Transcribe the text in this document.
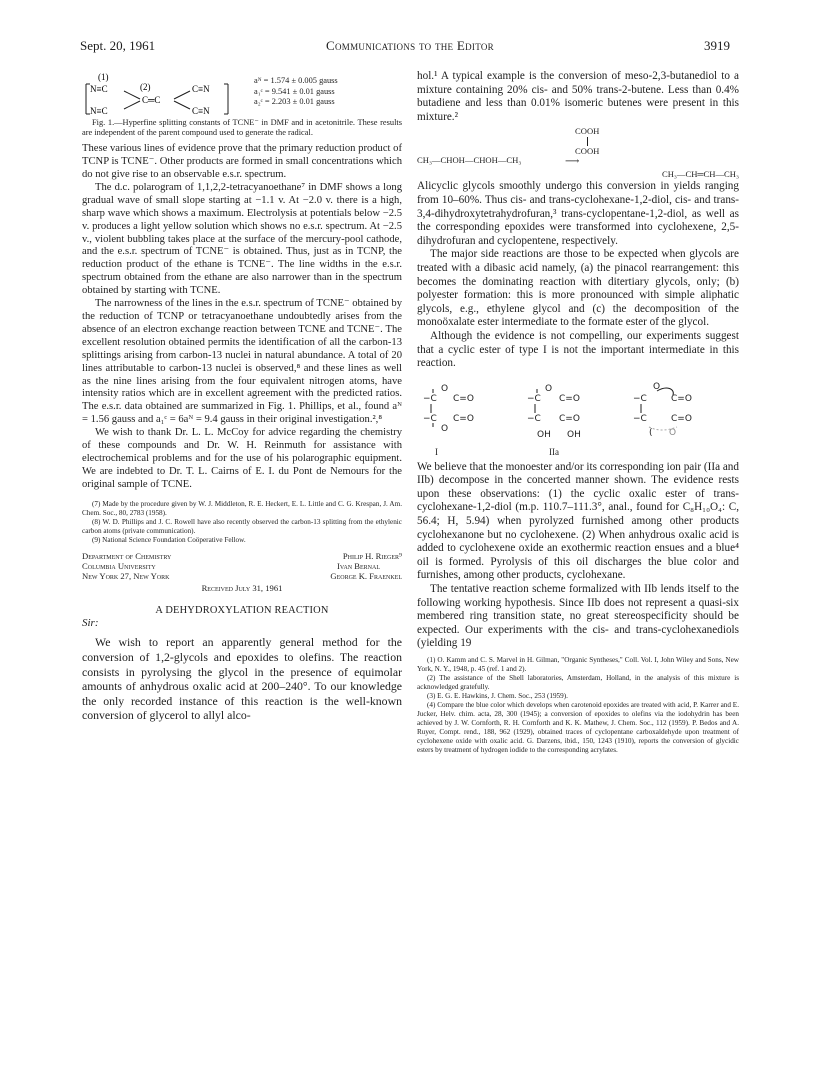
Sept. 20, 1961	Communications to the Editor	3919
(1)
(2)
N≡C	C≡N
C═C
N≡C	C≡N
aᴺ = 1.574 ± 0.005 gauss
a₁ᶜ = 9.541 ± 0.01 gauss
a₂ᶜ = 2.203 ± 0.01 gauss

Fig. 1.—Hyperfine splitting constants of TCNE⁻ in DMF and in acetonitrile. These results are independent of the parent compound used to generate the radical.

These various lines of evidence prove that the primary reduction product of TCNP is TCNE⁻. Other products are formed in small concentrations which do not give rise to an observable e.s.r. spectrum.

The d.c. polarogram of 1,1,2,2-tetracyanoethane⁷ in DMF shows a long gradual wave of small slope starting at −1.1 v. At −2.0 v. there is a high, sharp wave which shows a maximum. Electrolysis at potentials below −2.5 v. produces a light yellow solution which shows no e.s.r. spectrum. At −2.5 v., violent bubbling takes place at the surface of the mercury-pool cathode, and the e.s.r. spectrum of TCNE⁻ is obtained. Thus, just as in TCNP, the reduction product of the ethane is TCNE⁻. The line widths in the e.s.r. spectrum obtained from the ethane are also narrower than in the spectrum obtained by starting with TCNE.

The narrowness of the lines in the e.s.r. spectrum of TCNE⁻ obtained by the reduction of TCNP or tetracyanoethane undoubtedly arises from the absence of an electron exchange reaction between TCNE and TCNE⁻. The excellent resolution obtained permits the identification of all the carbon-13 splittings arising from carbon-13 nuclei in natural abundance. A total of 20 lines attributable to carbon-13 nuclei is observed,⁸ and these lines as well as the nine lines arising from the four equivalent nitrogen atoms, have intensity ratios which are in excellent agreement with the predicted ratios. The e.s.r. data obtained are summarized in Fig. 1. Phillips, et al., found aᴺ = 1.56 gauss and a₁ᶜ = 6aᴺ = 9.4 gauss in their original investigation.²,⁸

We wish to thank Dr. L. L. McCoy for advice regarding the chemistry of these compounds and Dr. W. H. Reinmuth for assistance with electrochemical problems and for the use of his polarographic equipment. We are indebted to Dr. T. L. Cairns of E. I. du Pont de Nemours for the original sample of TCNE.

(7) Made by the procedure given by W. J. Middleton, R. E. Heckert, E. L. Little and C. G. Krespan, J. Am. Chem. Soc., 80, 2783 (1958).

(8) W. D. Phillips and J. C. Rowell have also recently observed the carbon-13 splitting from the ethylenic carbon atoms (private communication).

(9) National Science Foundation Coöperative Fellow.

Department of Chemistry	Philip H. Rieger⁹
Columbia University	Ivan Bernal
New York 27, New York	George K. Fraenkel
Received July 31, 1961
A DEHYDROXYLATION REACTION
Sir:

We wish to report an apparently general method for the conversion of 1,2-glycols and epoxides to olefins. The reaction consists in pyrolysing the glycol in the presence of equimolar amounts of anhydrous oxalic acid at 200–240°. To our knowledge the only recorded instance of this reaction is the well-known conversion of glycerol to allyl alco-

hol.¹ A typical example is the conversion of meso-2,3-butanediol to a mixture containing 20% cis- and 50% trans-2-butene. Less than 0.4% butadiene and less than 0.01% isomeric butenes were present in this mixture.²

COOH
COOH
CH₃—CHOH—CHOH—CH₃	⟶
CH₃—CH═CH—CH₃

Alicyclic glycols smoothly undergo this conversion in yields ranging from 10–60%. Thus cis- and trans-cyclohexane-1,2-diol, cis- and trans-3,4-dihydroxytetrahydrofuran,³ trans-cyclopentane-1,2-diol, as well as the corresponding epoxides were transformed into cyclohexene, 2,5-dihydrofuran and cyclopentene, respectively.

The major side reactions are those to be expected when glycols are treated with a dibasic acid namely, (a) the pinacol rearrangement: this becomes the dominating reaction with ditertiary glycols, only; (b) polyester formation: this is more pronounced with simple aliphatic glycols, e.g., ethylene glycol and (c) the decomposition of the monoöxalate ester intermediate to the formate ester of the glycol.

Although the evidence is not compelling, our experiments suggest that a cyclic ester of type I is not the important intermediate in this reaction.

−C
O
C=O
−C C=O
O
−C
O
C=O
−C C=O
OH OH
−C
O
C=O
−C	C=O
( O
I	IIa

We believe that the monoester and/or its corresponding ion pair (IIa and IIb) decompose in the concerted manner shown. The evidence rests upon these observations: (1) the cyclic oxalic ester of trans-cyclohexane-1,2-diol (m.p. 110.7–111.3°, anal., found for C₈H₁₀O₄: C, 56.4; H, 5.94) when pyrolyzed furnished among other products cyclohexanone but no cyclohexene. (2) When anhydrous oxalic acid is added to cyclohexene oxide an exothermic reaction ensues and a blue⁴ oil is formed. Pyrolysis of this oil discharges the blue color and furnishes, among other products, cyclohexane.

The tentative reaction scheme formalized with IIb lends itself to the following working hypothesis. Since IIb does not represent a quasi-six membered ring transition state, no great stereospecificity should be expected. Our experiments with the cis- and trans-cyclohexanediols (yielding 19

(1) O. Kamm and C. S. Marvel in H. Gilman, "Organic Syntheses," Coll. Vol. I, John Wiley and Sons, New York, N. Y., 1948, p. 45 (ref. 1 and 2).

(2) The assistance of the Shell laboratories, Amsterdam, Holland, in the analysis of this mixture is acknowledged gratefully.

(3) E. G. E. Hawkins, J. Chem. Soc., 253 (1959).

(4) Compare the blue color which develops when carotenoid epoxides are treated with acid, P. Karrer and E. Jucker, Helv. chim. acta, 28, 300 (1945); a conversion of epoxides to olefins via the iodohydrin has been achieved by J. W. Cornforth, R. H. Cornforth and K. K. Mathew, J. Chem. Soc., 112 (1959). P. Bedos and A. Ruyer, Compt. rend., 188, 962 (1929), obtained traces of cyclopentane carboxaldehyde upon treatment of cyclohexene oxide with oxalic acid. G. Darzens, ibid., 150, 1243 (1910), reports the conversion of glycidic esters by treatment of hydrogen iodide to the corresponding acrylates.
